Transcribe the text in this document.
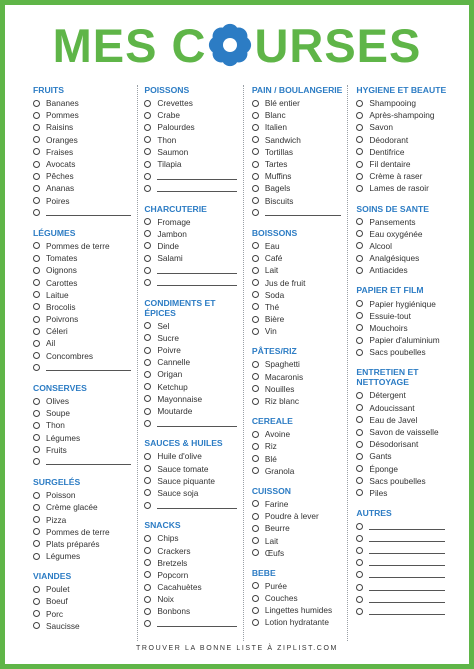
MES C URSES
FRUITS
Bananes
Pommes
Raisins
Oranges
Fraises
Avocats
Pêches
Ananas
Poires
LÉGUMES
Pommes de terre
Tomates
Oignons
Carottes
Laitue
Brocolis
Poivrons
Céleri
Ail
Concombres
CONSERVES
Olives
Soupe
Thon
Légumes
Fruits
SURGELÉS
Poisson
Crème glacée
Pizza
Pommes de terre
Plats préparés
Légumes
VIANDES
Poulet
Boeuf
Porc
Saucisse
POISSONS
Crevettes
Crabe
Palourdes
Thon
Saumon
Tilapia
CHARCUTERIE
Fromage
Jambon
Dinde
Salami
CONDIMENTS ET ÉPICES
Sel
Sucre
Poivre
Cannelle
Origan
Ketchup
Mayonnaise
Moutarde
SAUCES & HUILES
Huile d'olive
Sauce tomate
Sauce piquante
Sauce soja
SNACKS
Chips
Crackers
Bretzels
Popcorn
Cacahuètes
Noix
Bonbons
PAIN / BOULANGERIE
Blé entier
Blanc
Italien
Sandwich
Tortillas
Tartes
Muffins
Bagels
Biscuits
BOISSONS
Eau
Café
Lait
Jus de fruit
Soda
Thé
Bière
Vin
PÂTES/RIZ
Spaghetti
Macaronis
Nouilles
Riz blanc
CEREALE
Avoine
Riz
Blé
Granola
CUISSON
Farine
Poudre à lever
Beurre
Lait
Œufs
BEBE
Purée
Couches
Lingettes humides
Lotion hydratante
HYGIENE ET BEAUTE
Shampooing
Après-shampoing
Savon
Déodorant
Dentifrice
Fil dentaire
Crème à raser
Lames de rasoir
SOINS DE SANTE
Pansements
Eau oxygénée
Alcool
Analgésiques
Antiacides
PAPIER ET FILM
Papier hygiénique
Essuie-tout
Mouchoirs
Papier d'aluminium
Sacs poubelles
ENTRETIEN ET NETTOYAGE
Détergent
Adoucissant
Eau de Javel
Savon de vaisselle
Désodorisant
Gants
Éponge
Sacs poubelles
Piles
AUTRES
TROUVER LA BONNE LISTE À ZIPLIST.COM
